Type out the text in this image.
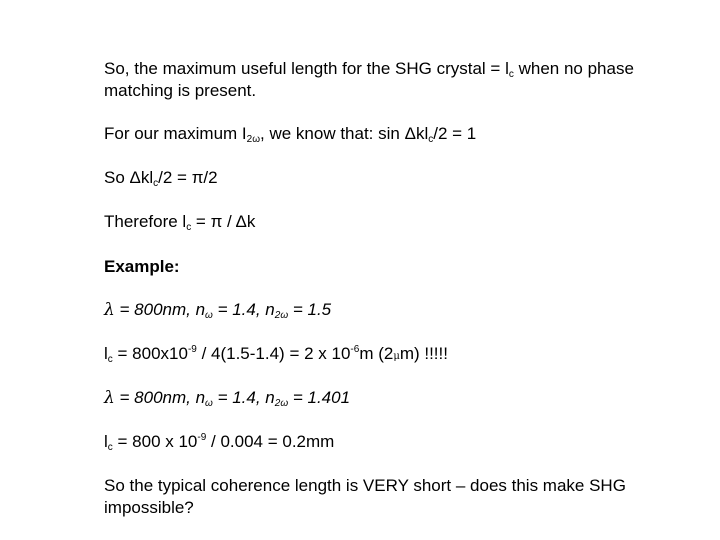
So, the maximum useful length for the SHG crystal = $l_c$ when no phase

matching is present.

For our maximum $I_{2\omega}$, we know that: sin Δkl$_c$/2 = 1

So Δkl$_c$/2 = π/2

Therefore $l_c = \pi / \Delta k$

Example:

λ = 800nm, $n_\omega = 1.4$, $n_{2\omega} = 1.5$

$l_c = 800x10^{-9} / 4(1.5-1.4) = 2$ x $10^{-6}m$ (2μm) !!!!!

λ = 800nm, $n_\omega = 1.4$, $n_{2\omega} = 1.401$

$l_c = 800$ x $10^{-9} / 0.004 = 0.2mm$

So the typical coherence length is VERY short – does this make SHG

impossible?
